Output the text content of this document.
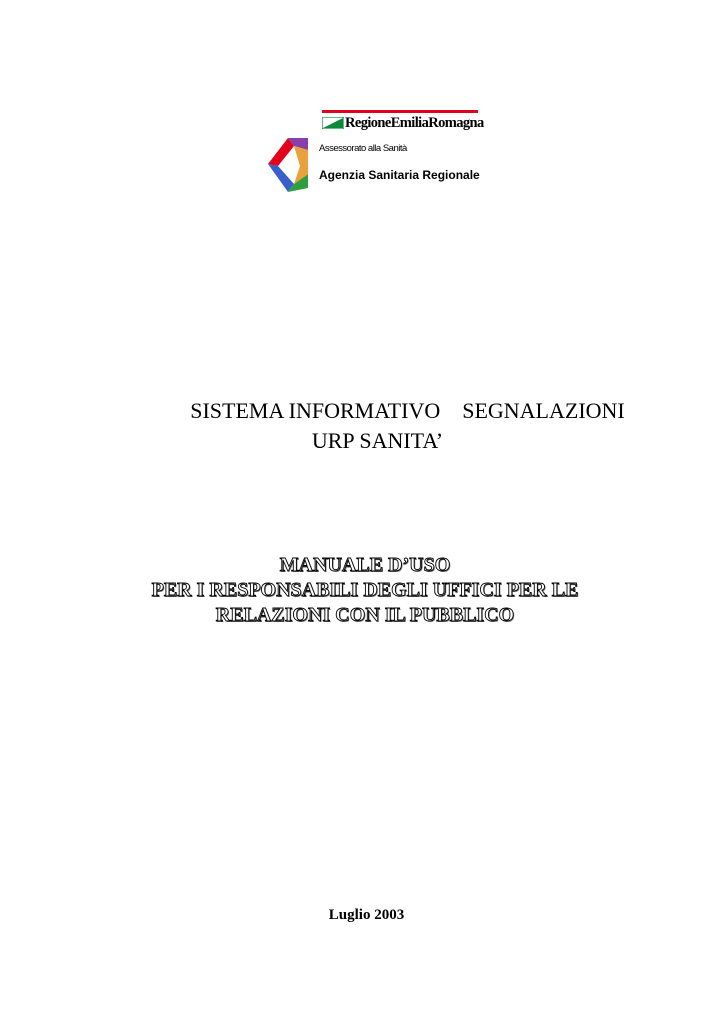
RegioneEmiliaRomagna
Assessorato alla Sanità
Agenzia Sanitaria Regionale
SISTEMA INFORMATIVO    SEGNALAZIONI
URP SANITA’
MANUALE D’USO
PER I RESPONSABILI DEGLI UFFICI PER LE
RELAZIONI CON IL PUBBLICO
Luglio 2003
